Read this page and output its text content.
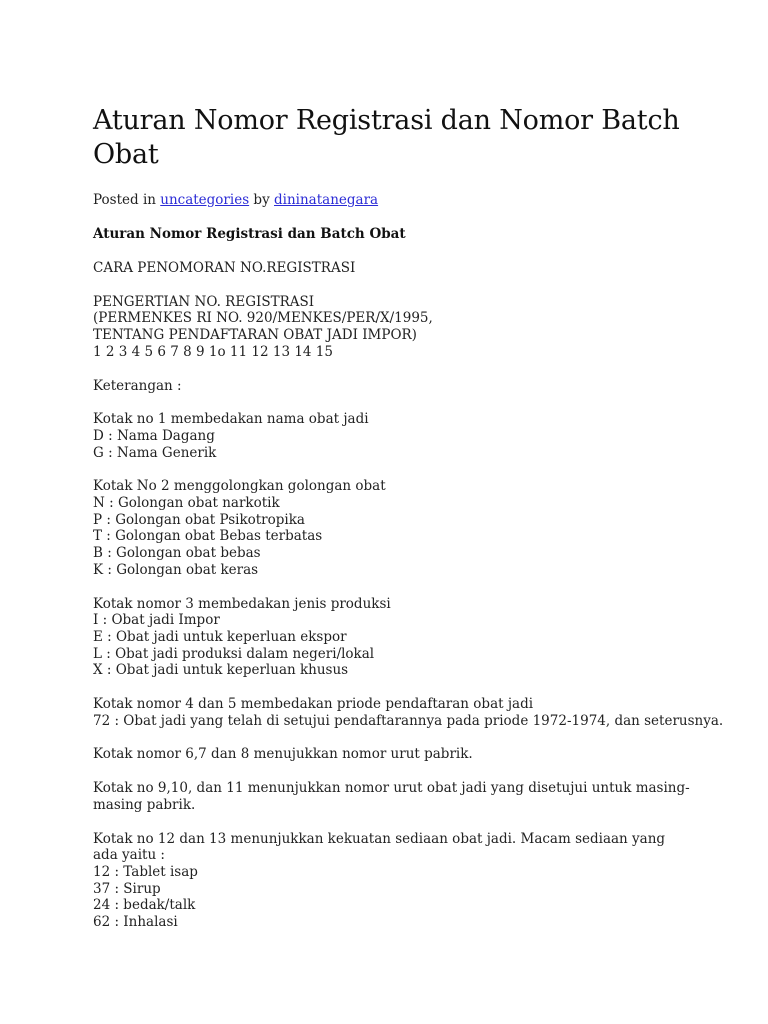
Aturan Nomor Registrasi dan Nomor Batch Obat
Posted in uncategories by dininatanegara
Aturan Nomor Registrasi dan Batch Obat
CARA PENOMORAN NO.REGISTRASI
PENGERTIAN NO. REGISTRASI
(PERMENKES RI NO. 920/MENKES/PER/X/1995,
TENTANG PENDAFTARAN OBAT JADI IMPOR)
1 2 3 4 5 6 7 8 9 1o 11 12 13 14 15
Keterangan :
Kotak no 1 membedakan nama obat jadi
D : Nama Dagang
G : Nama Generik
Kotak No 2 menggolongkan golongan obat
N : Golongan obat narkotik
P : Golongan obat Psikotropika
T : Golongan obat Bebas terbatas
B : Golongan obat bebas
K : Golongan obat keras
Kotak nomor 3 membedakan jenis produksi
I : Obat jadi Impor
E : Obat jadi untuk keperluan ekspor
L : Obat jadi produksi dalam negeri/lokal
X : Obat jadi untuk keperluan khusus
Kotak nomor 4 dan 5 membedakan priode pendaftaran obat jadi
72 : Obat jadi yang telah di setujui pendaftarannya pada priode 1972-1974, dan seterusnya.
Kotak nomor 6,7 dan 8 menujukkan nomor urut pabrik.
Kotak no 9,10, dan 11 menunjukkan nomor urut obat jadi yang disetujui untuk masing-masing pabrik.
Kotak no 12 dan 13 menunjukkan kekuatan sediaan obat jadi. Macam sediaan yang ada yaitu :
12 : Tablet isap
37 : Sirup
24 : bedak/talk
62 : Inhalasi
